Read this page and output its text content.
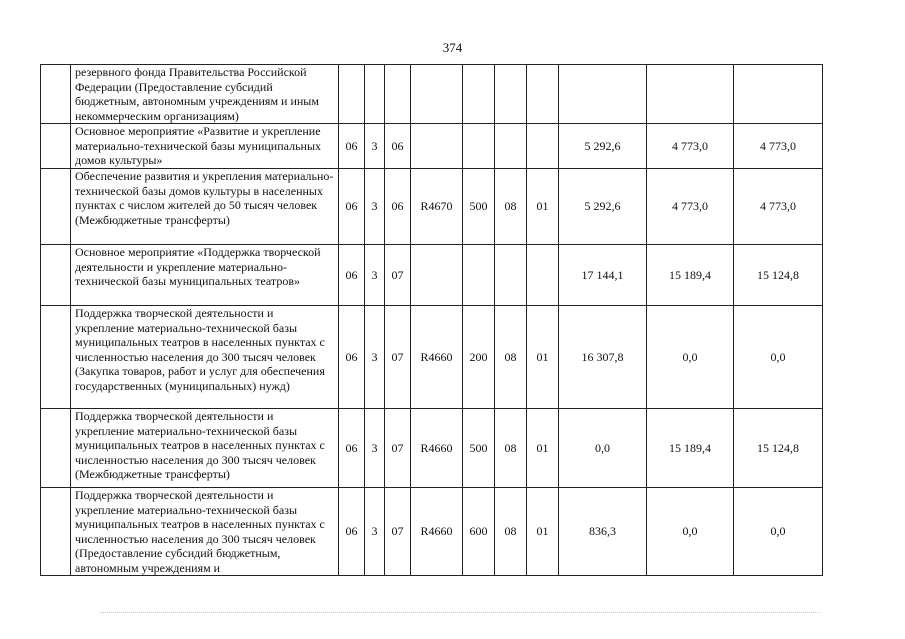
374
	резервного фонда Правительства Российской Федерации (Предоставление субсидий бюджетным, автономным учреждениям и иным некоммерческим организациям)										
	Основное мероприятие «Развитие и укрепление материально-технической базы муниципальных домов культуры»	06	3	06					5 292,6	4 773,0	4 773,0
	Обеспечение развития и укрепления материально-технической базы домов культуры в населенных пунктах с числом жителей до 50 тысяч человек (Межбюджетные трансферты)	06	3	06	R4670	500	08	01	5 292,6	4 773,0	4 773,0
	Основное мероприятие «Поддержка творческой деятельности и укрепление материально-технической базы муниципальных театров»	06	3	07					17 144,1	15 189,4	15 124,8
	Поддержка творческой деятельности и укрепление материально-технической базы муниципальных театров в населенных пунктах с численностью населения до 300 тысяч человек (Закупка товаров, работ и услуг для обеспечения государственных (муниципальных) нужд)	06	3	07	R4660	200	08	01	16 307,8	0,0	0,0
	Поддержка творческой деятельности и укрепление материально-технической базы муниципальных театров в населенных пунктах с численностью населения до 300 тысяч человек (Межбюджетные трансферты)	06	3	07	R4660	500	08	01	0,0	15 189,4	15 124,8
	Поддержка творческой деятельности и укрепление материально-технической базы муниципальных театров в населенных пунктах с численностью населения до 300 тысяч человек (Предоставление субсидий бюджетным, автономным учреждениям и	06	3	07	R4660	600	08	01	836,3	0,0	0,0
